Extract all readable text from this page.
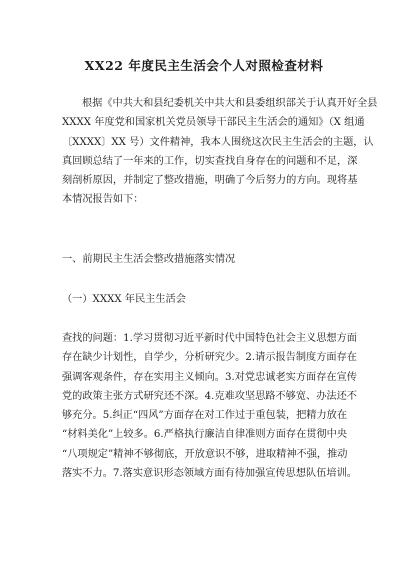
XX22 年度民主生活会个人对照检查材料
根据《中共大和县纪委机关中共大和县委组织部关于认真开好全县
XXXX 年度党和国家机关党员领导干部民主生活会的通知》（X 组通
〔XXXX〕XX 号）文件精神，我本人围绕这次民主生活会的主题，认
真回顾总结了一年来的工作，切实查找自身存在的问题和不足，深
刻剖析原因，并制定了整改措施，明确了今后努力的方向。现将基
本情况报告如下：
一、前期民主生活会整改措施落实情况
（一）XXXX 年民主生活会
查找的问题：1.学习贯彻习近平新时代中国特色社会主义思想方面
存在缺少计划性，自学少，分析研究少。2.请示报告制度方面存在
强调客观条件，存在实用主义倾向。3.对党忠诚老实方面存在宣传
党的政策主张方式研究还不深。4.克难攻坚思路不够宽、办法还不
够充分。5.纠正“四风”方面存在对工作过于重包装，把精力放在
“材料美化”上较多。6.严格执行廉洁自律准则方面存在贯彻中央
“八项规定”精神不够彻底，开放意识不够，进取精神不强，推动
落实不力。7.落实意识形态领域方面有待加强宣传思想队伍培训。
